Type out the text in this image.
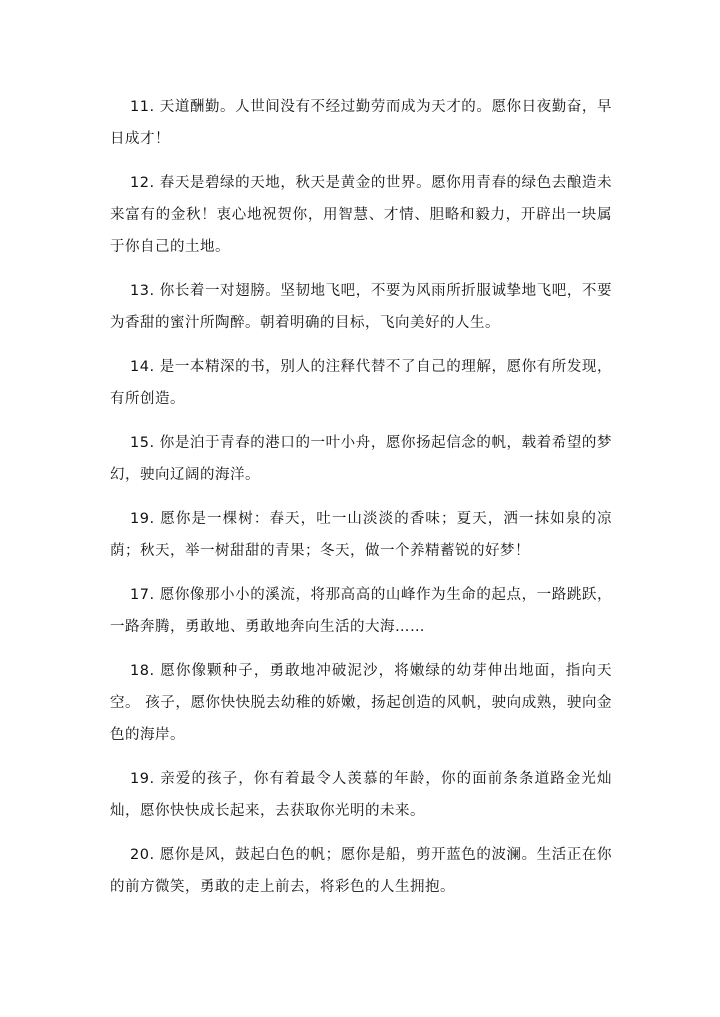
11. 天道酬勤。人世间没有不经过勤劳而成为天才的。愿你日夜勤奋，早日成才！

12. 春天是碧绿的天地，秋天是黄金的世界。愿你用青春的绿色去酿造未来富有的金秋！衷心地祝贺你，用智慧、才情、胆略和毅力，开辟出一块属于你自己的土地。

13. 你长着一对翅膀。坚韧地飞吧，不要为风雨所折服诚挚地飞吧，不要为香甜的蜜汁所陶醉。朝着明确的目标，飞向美好的人生。

14. 是一本精深的书，别人的注释代替不了自己的理解，愿你有所发现，有所创造。

15. 你是泊于青春的港口的一叶小舟，愿你扬起信念的帆，载着希望的梦幻，驶向辽阔的海洋。

19. 愿你是一棵树：春天，吐一山淡淡的香味；夏天，洒一抹如泉的凉荫；秋天，举一树甜甜的青果；冬天，做一个养精蓄锐的好梦！

17. 愿你像那小小的溪流，将那高高的山峰作为生命的起点，一路跳跃，一路奔腾，勇敢地、勇敢地奔向生活的大海……

18. 愿你像颗种子，勇敢地冲破泥沙，将嫩绿的幼芽伸出地面，指向天空。 孩子，愿你快快脱去幼稚的娇嫩，扬起创造的风帆，驶向成熟，驶向金色的海岸。

19. 亲爱的孩子，你有着最令人羡慕的年龄，你的面前条条道路金光灿灿，愿你快快成长起来，去获取你光明的未来。

20. 愿你是风，鼓起白色的帆；愿你是船，剪开蓝色的波澜。生活正在你的前方微笑，勇敢的走上前去，将彩色的人生拥抱。
